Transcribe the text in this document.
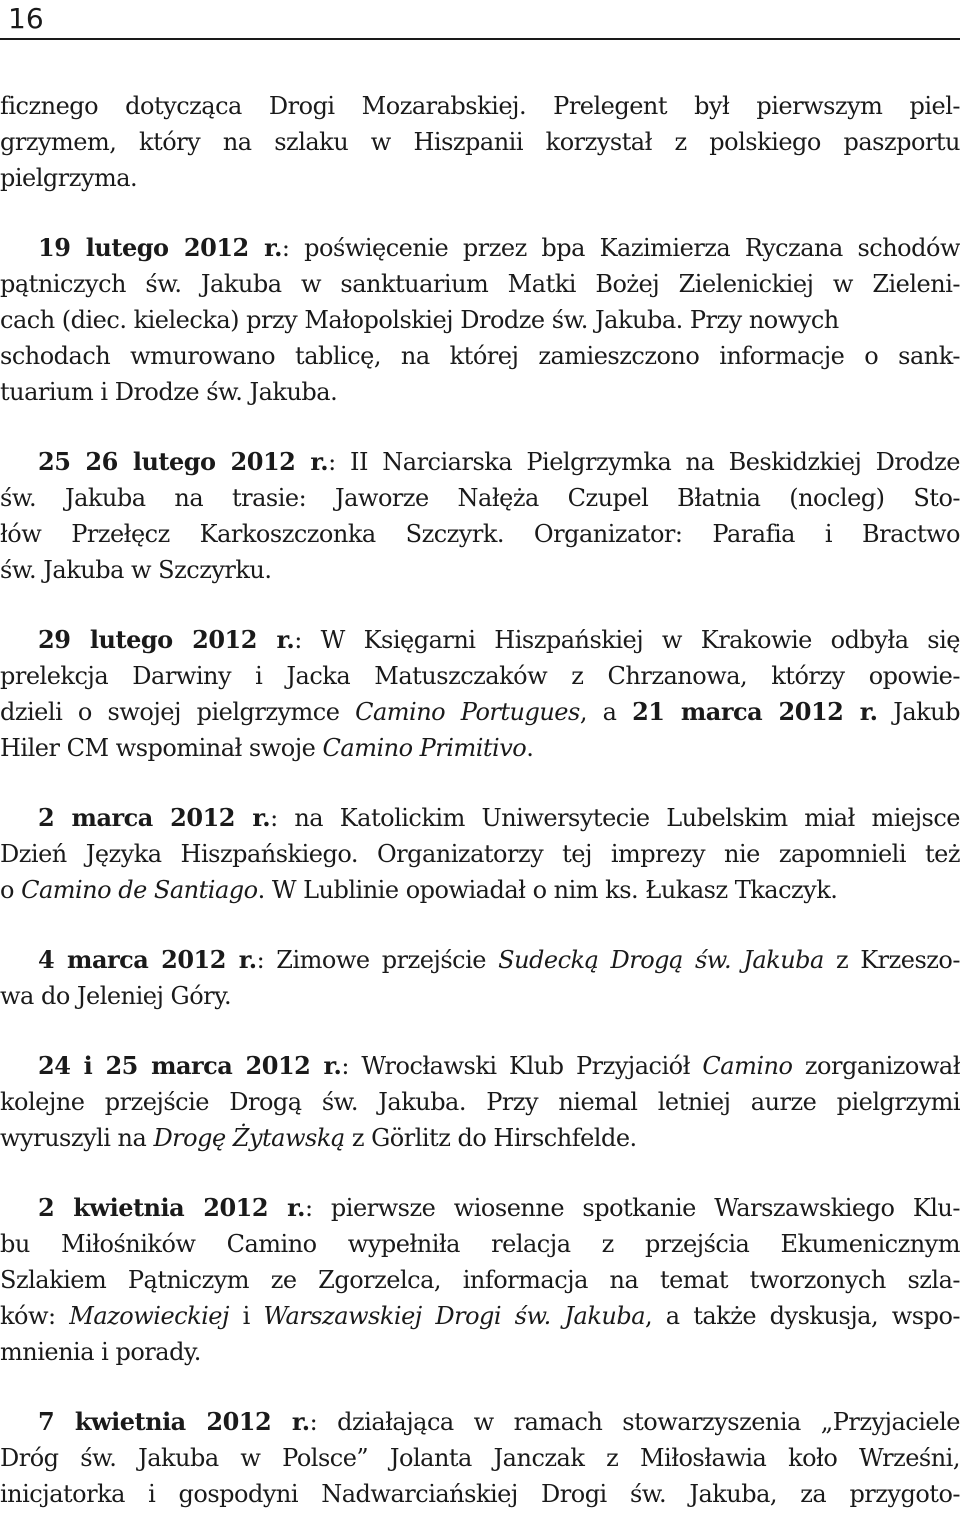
16
ficznego dotycząca Drogi Mozarabskiej. Prelegent był pierwszym piel-
grzymem, który na szlaku w Hiszpanii korzystał z polskiego paszportu
pielgrzyma.
19 lutego 2012 r.: poświęcenie przez bpa Kazimierza Ryczana schodów
pątniczych św. Jakuba w sanktuarium Matki Bożej Zielenickiej w Zieleni-
cach (diec. kielecka) przy Małopolskiej Drodze św. Jakuba. Przy nowych
schodach wmurowano tablicę, na której zamieszczono informacje o sank-
tuarium i Drodze św. Jakuba.
25 26 lutego 2012 r.: II Narciarska Pielgrzymka na Beskidzkiej Drodze
św. Jakuba na trasie: Jaworze Nałęża Czupel Błatnia (nocleg) Sto-
łów Przełęcz Karkoszczonka Szczyrk. Organizator: Parafia i Bractwo
św. Jakuba w Szczyrku.
29 lutego 2012 r.: W Księgarni Hiszpańskiej w Krakowie odbyła się
prelekcja Darwiny i Jacka Matuszczaków z Chrzanowa, którzy opowie-
dzieli o swojej pielgrzymce Camino Portugues, a 21 marca 2012 r. Jakub
Hiler CM wspominał swoje Camino Primitivo.
2 marca 2012 r.: na Katolickim Uniwersytecie Lubelskim miał miejsce
Dzień Języka Hiszpańskiego. Organizatorzy tej imprezy nie zapomnieli też
o Camino de Santiago. W Lublinie opowiadał o nim ks. Łukasz Tkaczyk.
4 marca 2012 r.: Zimowe przejście Sudecką Drogą św. Jakuba z Krzeszo-
wa do Jeleniej Góry.
24 i 25 marca 2012 r.: Wrocławski Klub Przyjaciół Camino zorganizował
kolejne przejście Drogą św. Jakuba. Przy niemal letniej aurze pielgrzymi
wyruszyli na Drogę Żytawską z Görlitz do Hirschfelde.
2 kwietnia 2012 r.: pierwsze wiosenne spotkanie Warszawskiego Klu-
bu Miłośników Camino wypełniła relacja z przejścia Ekumenicznym
Szlakiem Pątniczym ze Zgorzelca, informacja na temat tworzonych szla-
ków: Mazowieckiej i Warszawskiej Drogi św. Jakuba, a także dyskusja, wspo-
mnienia i porady.
7 kwietnia 2012 r.: działająca w ramach stowarzyszenia „Przyjaciele
Dróg św. Jakuba w Polsce” Jolanta Janczak z Miłosławia koło Wrześni,
inicjatorka i gospodyni Nadwarciańskiej Drogi św. Jakuba, za przygoto-
